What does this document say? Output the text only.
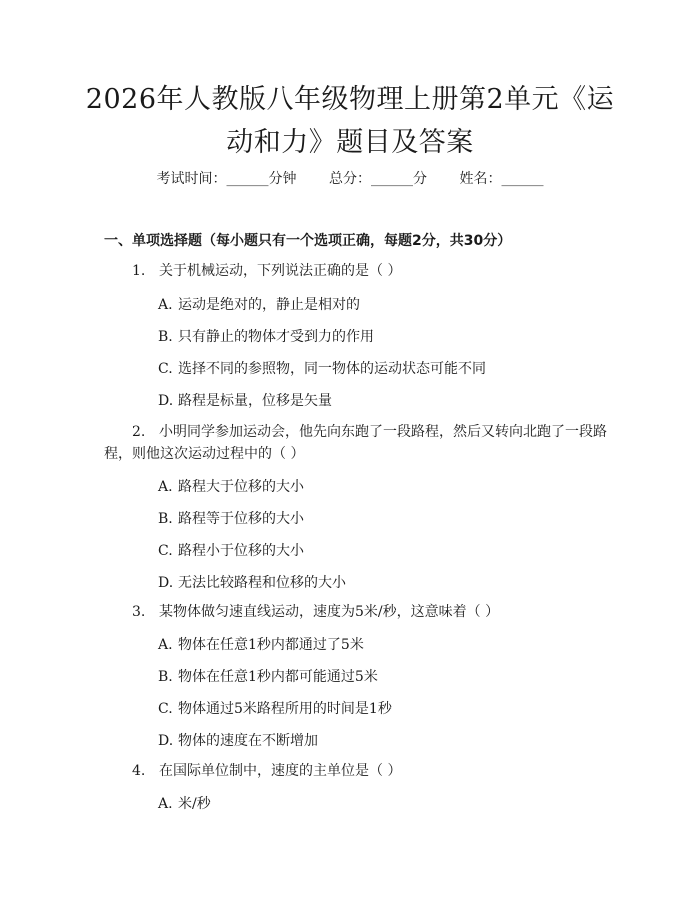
2026年人教版八年级物理上册第2单元《运
动和力》题目及答案
考试时间：______分钟 总分：______分 姓名：______
一、单项选择题（每小题只有一个选项正确，每题2分，共30分）
1. 关于机械运动，下列说法正确的是（ ）
A. 运动是绝对的，静止是相对的
B. 只有静止的物体才受到力的作用
C. 选择不同的参照物，同一物体的运动状态可能不同
D. 路程是标量，位移是矢量
2. 小明同学参加运动会，他先向东跑了一段路程，然后又转向北跑了一段路
程，则他这次运动过程中的（ ）
A. 路程大于位移的大小
B. 路程等于位移的大小
C. 路程小于位移的大小
D. 无法比较路程和位移的大小
3. 某物体做匀速直线运动，速度为5米/秒，这意味着（ ）
A. 物体在任意1秒内都通过了5米
B. 物体在任意1秒内都可能通过5米
C. 物体通过5米路程所用的时间是1秒
D. 物体的速度在不断增加
4. 在国际单位制中，速度的主单位是（ ）
A. 米/秒
